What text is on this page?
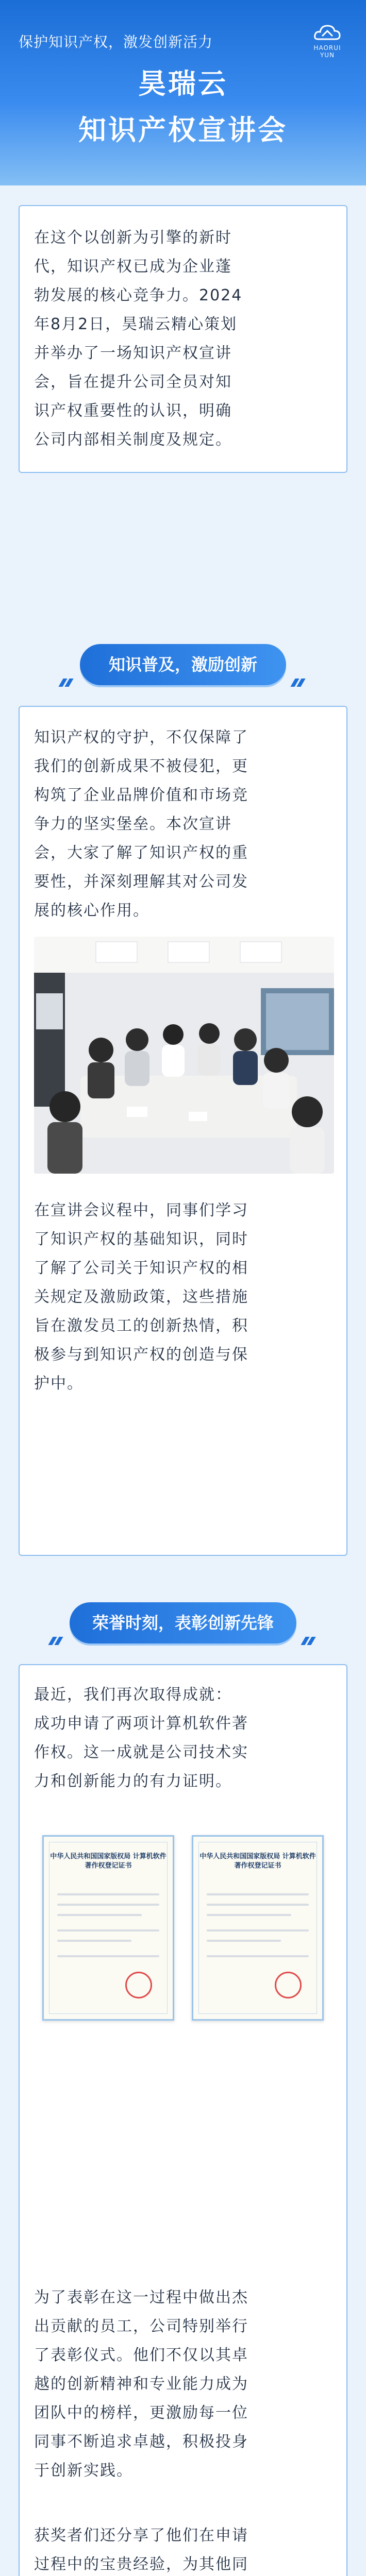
保护知识产权，激发创新活力	HAORUI YUN
昊瑞云
知识产权宣讲会

在这个以创新为引擎的新时

代，知识产权已成为企业蓬

勃发展的核心竞争力。2024

年8月2日，昊瑞云精心策划

并举办了一场知识产权宣讲

会，旨在提升公司全员对知

识产权重要性的认识，明确

公司内部相关制度及规定。

知识普及，激励创新

知识产权的守护，不仅保障了

我们的创新成果不被侵犯，更

构筑了企业品牌价值和市场竞

争力的坚实堡垒。本次宣讲

会，大家了解了知识产权的重

要性，并深刻理解其对公司发

展的核心作用。

在宣讲会议程中，同事们学习

了知识产权的基础知识，同时

了解了公司关于知识产权的相

关规定及激励政策，这些措施

旨在激发员工的创新热情，积

极参与到知识产权的创造与保

护中。

荣誉时刻，表彰创新先锋

最近，我们再次取得成就：

成功申请了两项计算机软件著

作权。这一成就是公司技术实

力和创新能力的有力证明。

中华人民共和国国家版权局 计算机软件著作权登记证书
中华人民共和国国家版权局 计算机软件著作权登记证书

为了表彰在这一过程中做出杰

出贡献的员工，公司特别举行

了表彰仪式。他们不仅以其卓

越的创新精神和专业能力成为

团队中的榜样，更激励每一位

同事不断追求卓越，积极投身

于创新实践。

获奖者们还分享了他们在申请

过程中的宝贵经验，为其他同
